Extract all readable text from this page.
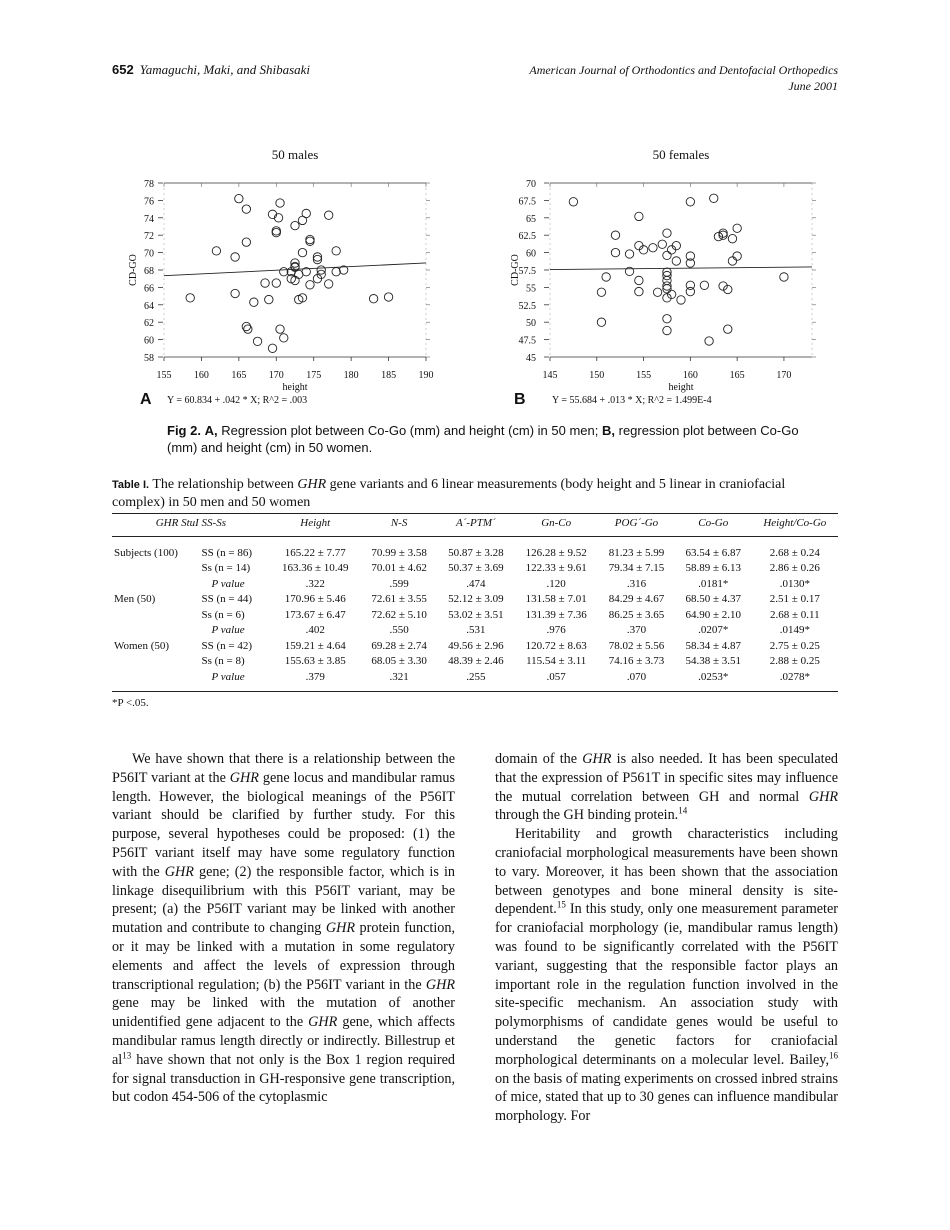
652 Yamaguchi, Maki, and Shibasaki	American Journal of Orthodontics and Dentofacial Orthopedics
June 2001
50 males
58
60
62
64
66
68
70
72
74
76
78
155 160 165 170 175 180 185 190
height
CD-GO
A Y = 60.834 + .042 * X; R^2 = .003
50 females
45
47.5
50
52.5
55
57.5
60
62.5
65
67.5
70
145	150	155	160	165	170
height
CD-GO
B	Y = 55.684 + .013 * X; R^2 = 1.499E-4
Fig 2. A, Regression plot between Co-Go (mm) and height (cm) in 50 men; B, regression plot between Co-Go (mm) and height (cm) in 50 women.
Table I. The relationship between GHR gene variants and 6 linear measurements (body height and 5 linear in craniofacial complex) in 50 men and 50 women
GHR StuI SS-Ss		Height	N-S	A´-PTM´	Gn-Co	POG´-Go	Co-Go	Height/Co-Go
Subjects (100)	SS (n = 86)	165.22 ± 7.77	70.99 ± 3.58	50.87 ± 3.28	126.28 ± 9.52	81.23 ± 5.99	63.54 ± 6.87	2.68 ± 0.24
	Ss (n = 14)	163.36 ± 10.49	70.01 ± 4.62	50.37 ± 3.69	122.33 ± 9.61	79.34 ± 7.15	58.89 ± 6.13	2.86 ± 0.26
	P value	.322	.599	.474	.120	.316	.0181*	.0130*
Men (50)	SS (n = 44)	170.96 ± 5.46	72.61 ± 3.55	52.12 ± 3.09	131.58 ± 7.01	84.29 ± 4.67	68.50 ± 4.37	2.51 ± 0.17
	Ss (n = 6)	173.67 ± 6.47	72.62 ± 5.10	53.02 ± 3.51	131.39 ± 7.36	86.25 ± 3.65	64.90 ± 2.10	2.68 ± 0.11
	P value	.402	.550	.531	.976	.370	.0207*	.0149*
Women (50)	SS (n = 42)	159.21 ± 4.64	69.28 ± 2.74	49.56 ± 2.96	120.72 ± 8.63	78.02 ± 5.56	58.34 ± 4.87	2.75 ± 0.25
	Ss (n = 8)	155.63 ± 3.85	68.05 ± 3.30	48.39 ± 2.46	115.54 ± 3.11	74.16 ± 3.73	54.38 ± 3.51	2.88 ± 0.25
	P value	.379	.321	.255	.057	.070	.0253*	.0278*
*P <.05.

We have shown that there is a relationship between the P56IT variant at the GHR gene locus and mandibular ramus length. However, the biological meanings of the P56IT variant should be clarified by further study. For this purpose, several hypotheses could be proposed: (1) the P56IT variant itself may have some regulatory function with the GHR gene; (2) the responsible factor, which is in linkage disequilibrium with this P56IT variant, may be present; (a) the P56IT variant may be linked with another mutation and contribute to changing GHR protein function, or it may be linked with a mutation in some regulatory elements and affect the levels of expression through transcriptional regulation; (b) the P56IT variant in the GHR gene may be linked with the mutation of another unidentified gene adjacent to the GHR gene, which affects mandibular ramus length directly or indirectly. Billestrup et $al^{13}$ have shown that not only is the Box 1 region required for signal transduction in GH-responsive gene transcription, but codon 454-506 of the cytoplasmic

domain of the GHR is also needed. It has been speculated that the expression of P561T in specific sites may influence the mutual correlation between GH and normal GHR through the GH binding protein.$^{14}$

Heritability and growth characteristics including craniofacial morphological measurements have been shown to vary. Moreover, it has been shown that the association between genotypes and bone mineral density is site-dependent.$^{15}$ In this study, only one measurement parameter for craniofacial morphology (ie, mandibular ramus length) was found to be significantly correlated with the P56IT variant, suggesting that the responsible factor plays an important role in the regulation function involved in the site-specific mechanism. An association study with polymorphisms of candidate genes would be useful to understand the genetic factors for craniofacial morphological determinants on a molecular level. Bailey,$^{16}$ on the basis of mating experiments on crossed inbred strains of mice, stated that up to 30 genes can influence mandibular morphology. For
